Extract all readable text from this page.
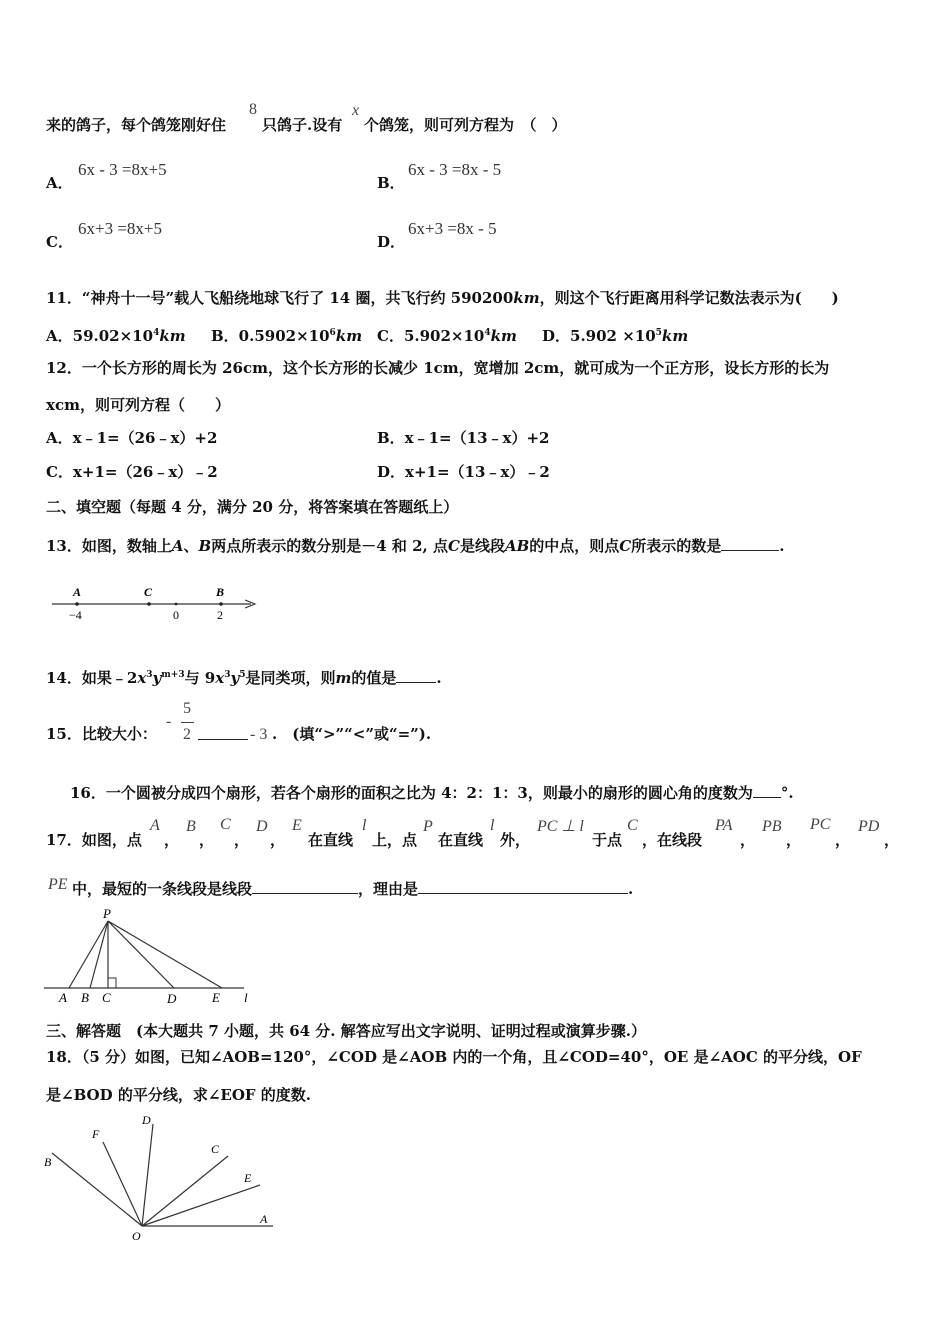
来的鸽子，每个鸽笼刚好住
8
只鸽子.设有
x
个鸽笼，则可列方程为　（　）
A．
6x - 3 =8x+5
B．
6x - 3 =8x - 5
C．
6x+3 =8x+5
D．
6x+3 =8x - 5
11．“神舟十一号”载人飞船绕地球飞行了 14 圈，共飞行约 590200km，则这个飞行距离用科学记数法表示为(　　)
A．$59.02\times 10^4km$ B．$0.5902\times 10^6km$ C．$5.902\times 10^4km$ D．$5.902 \times 10^5km$
12．一个长方形的周长为 26cm，这个长方形的长减少 1cm，宽增加 2cm，就可成为一个正方形，设长方形的长为
xcm，则可列方程（　　）
A．x﹣1=（26﹣x）+2	B．x﹣1=（13﹣x）+2
C．x+1=（26﹣x）﹣2	D．x+1=（13﹣x）﹣2
二、填空题（每题 4 分，满分 20 分，将答案填在答题纸上）
13．如图，数轴上A、B两点所表示的数分别是－4 和 2, 点C是线段AB的中点，则点C所表示的数是	.
A	C	B
−4	0	2
14．如果$﹣2x^3y^{m+3}$与 $9x^3y^5$是同类项，则m的值是	.
15．比较大小：
-
5
2	- 3 .　(填“>”“<”或“=”).
16．一个圆被分成四个扇形，若各个扇形的面积之比为 4：2：1：3，则最小的扇形的圆心角的度数为 °.
17．如图，点
A
，
B
，
C
，
D
，
E
在直线
l
上，点
P
在直线
l
外，
PC ⊥ l
于点
C
，在线段
PA
，
PB
，
PC
，
PD
，
PE 中，最短的一条线段是线段	，理由是	.
P
A B C	D	E l
三、解答题　(本大题共 7 小题，共 64 分. 解答应写出文字说明、证明过程或演算步骤.）
18．（5 分）如图，已知∠AOB=120°，∠COD 是∠AOB 内的一个角，且∠COD=40°，OE 是∠AOC 的平分线，OF
是∠BOD 的平分线，求∠EOF 的度数.
O
A
B
C
D
E
F
